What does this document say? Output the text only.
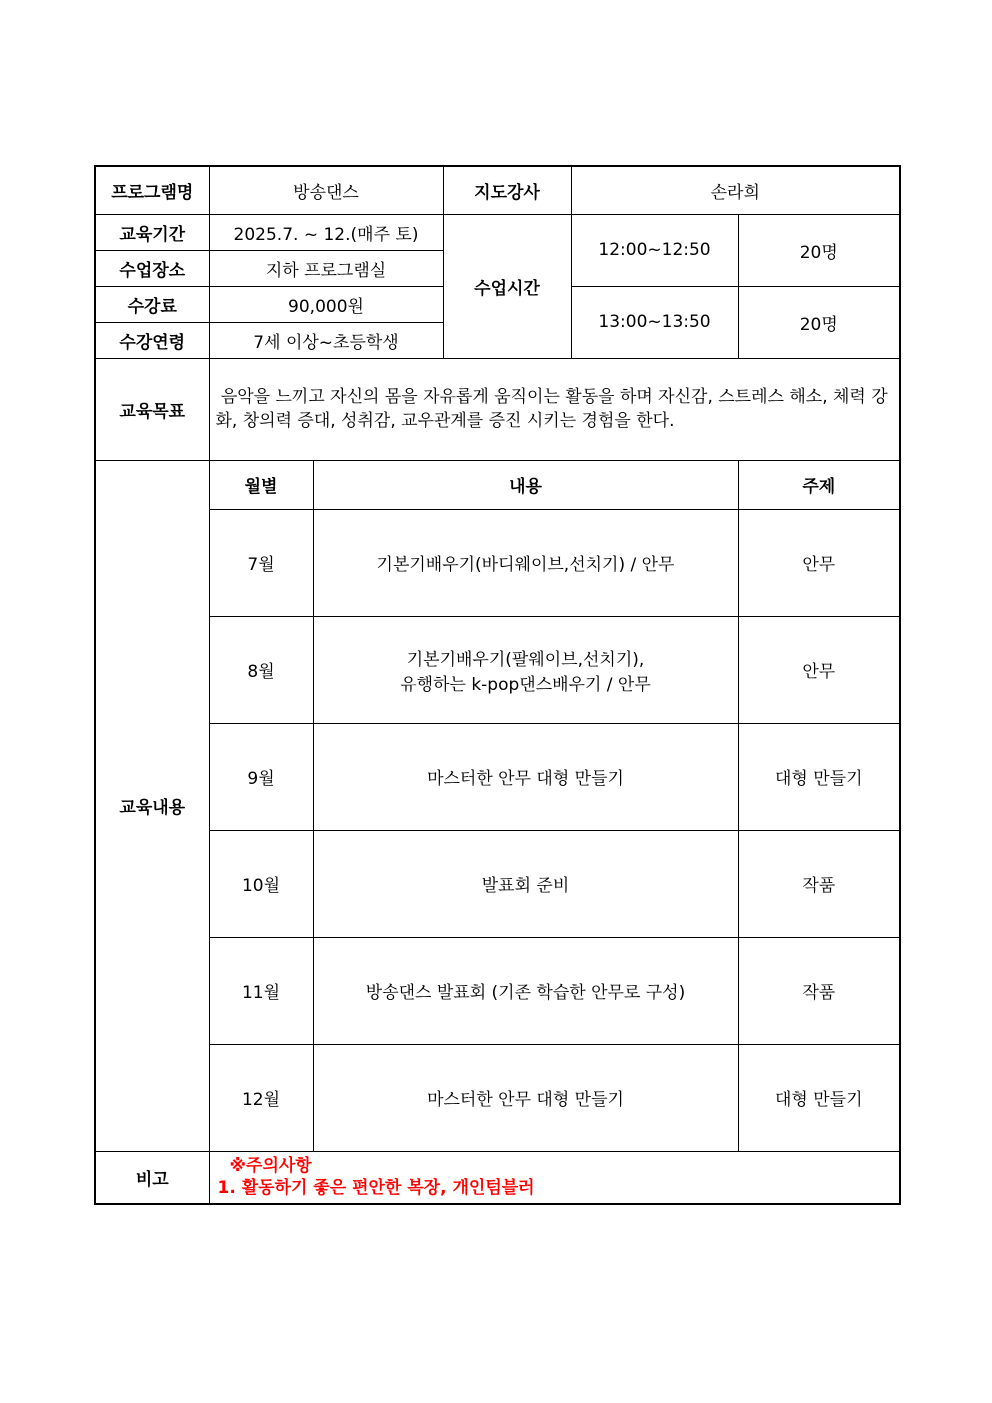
프로그램명	방송댄스		지도강사	손라희	
교육기간	2025.7. ~ 12.(매주 토)		수업시간	12:00~12:50	20명
수업장소	지하 프로그램실				
수강료	90,000원			13:00~13:50	20명
수강연령	7세 이상~초등학생				
교육목표	음악을 느끼고 자신의 몸을 자유롭게 움직이는 활동을 하며 자신감, 스트레스 해소, 체력 강화, 창의력 증대, 성취감, 교우관계를 증진 시키는 경험을 한다.				
교육내용	월별	내용			주제
	7월	기본기배우기(바디웨이브,선치기) / 안무			안무
	8월	기본기배우기(팔웨이브,선치기),
유행하는 k-pop댄스배우기 / 안무			안무
	9월	마스터한 안무 대형 만들기			대형 만들기
	10월	발표회 준비			작품
	11월	방송댄스 발표회 (기존 학습한 안무로 구성)			작품
	12월	마스터한 안무 대형 만들기			대형 만들기
비고	※주의사항
1. 활동하기 좋은 편안한 복장, 개인텀블러				
